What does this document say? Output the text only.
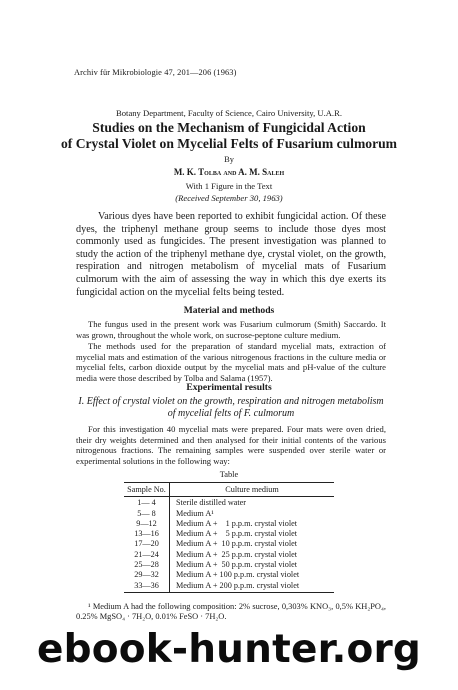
Archiv für Mikrobiologie 47, 201—206 (1963)
Botany Department, Faculty of Science, Cairo University, U.A.R.
Studies on the Mechanism of Fungicidal Action
of Crystal Violet on Mycelial Felts of Fusarium culmorum
By
M. K. Tolba and A. M. Saleh
With 1 Figure in the Text
(Received September 30, 1963)
Various dyes have been reported to exhibit fungicidal action. Of these dyes, the triphenyl methane group seems to include those dyes most commonly used as fungicides. The present investigation was planned to study the action of the triphenyl methane dye, crystal violet, on the growth, respiration and nitrogen metabolism of mycelial mats of Fusarium culmorum with the aim of assessing the way in which this dye exerts its fungicidal action on the mycelial felts being tested.
Material and methods
The fungus used in the present work was Fusarium culmorum (Smith) Saccardo. It was grown, throughout the whole work, on sucrose-peptone culture medium.
The methods used for the preparation of standard mycelial mats, extraction of mycelial mats and estimation of the various nitrogenous fractions in the culture media or mycelial felts, carbon dioxide output by the mycelial mats and pH-value of the culture media were those described by Tolba and Salama (1957).
Experimental results
I. Effect of crystal violet on the growth, respiration and nitrogen metabolism of mycelial felts of F. culmorum
For this investigation 40 mycelial mats were prepared. Four mats were oven dried, their dry weights determined and then analysed for their initial contents of the various nitrogenous fractions. The remaining samples were suspended over sterile water or experimental solutions in the following way:
Table
Sample No.	Culture medium
1— 4	Sterile distilled water
5— 8	Medium A¹
9—12	Medium A +    1 p.p.m. crystal violet
13—16	Medium A +    5 p.p.m. crystal violet
17—20	Medium A +  10 p.p.m. crystal violet
21—24	Medium A +  25 p.p.m. crystal violet
25—28	Medium A +  50 p.p.m. crystal violet
29—32	Medium A + 100 p.p.m. crystal violet
33—36	Medium A + 200 p.p.m. crystal violet
¹ Medium A had the following composition: 2% sucrose, 0,303% KNO₃, 0,5% KH₂PO₄, 0.25% MgSO₄ · 7H₂O, 0.01% FeSO · 7H₂O.
ebook-hunter.org
